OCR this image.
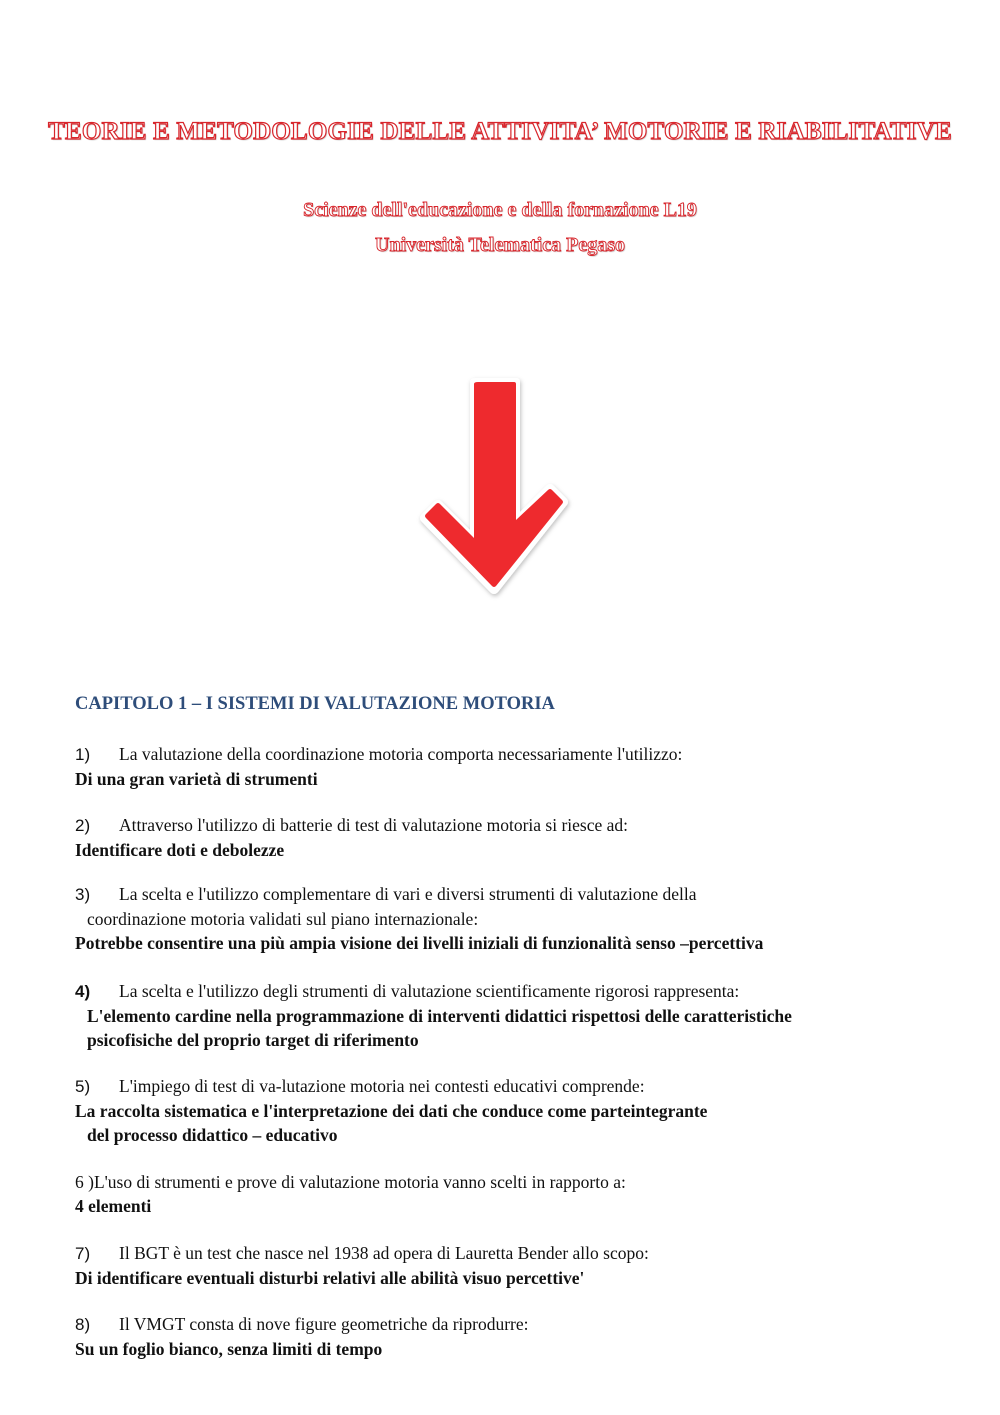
TEORIE E METODOLOGIE DELLE ATTIVITA’ MOTORIE E RIABILITATIVE
Scienze dell'educazione e della fornazione L19
Università Telematica Pegaso
CAPITOLO 1 – I SISTEMI DI VALUTAZIONE MOTORIA
1) La valutazione della coordinazione motoria comporta necessariamente l'utilizzo:
Di una gran varietà di strumenti
2) Attraverso l'utilizzo di batterie di test di valutazione motoria si riesce ad:
Identificare doti e debolezze
3) La scelta e l'utilizzo complementare di vari e diversi strumenti di valutazione della
coordinazione motoria validati sul piano internazionale:
Potrebbe consentire una più ampia visione dei livelli iniziali di funzionalità senso –percettiva
4) La scelta e l'utilizzo degli strumenti di valutazione scientificamente rigorosi rappresenta:
L'elemento cardine nella programmazione di interventi didattici rispettosi delle caratteristiche
psicofisiche del proprio target di riferimento
5) L'impiego di test di va-lutazione motoria nei contesti educativi comprende:
La raccolta sistematica e l'interpretazione dei dati che conduce come parteintegrante
del processo didattico – educativo
6 )L'uso di strumenti e prove di valutazione motoria vanno scelti in rapporto a:
4 elementi
7) Il BGT è un test che nasce nel 1938 ad opera di Lauretta Bender allo scopo:
Di identificare eventuali disturbi relativi alle abilità visuo percettive'
8) Il VMGT consta di nove figure geometriche da riprodurre:
Su un foglio bianco, senza limiti di tempo
